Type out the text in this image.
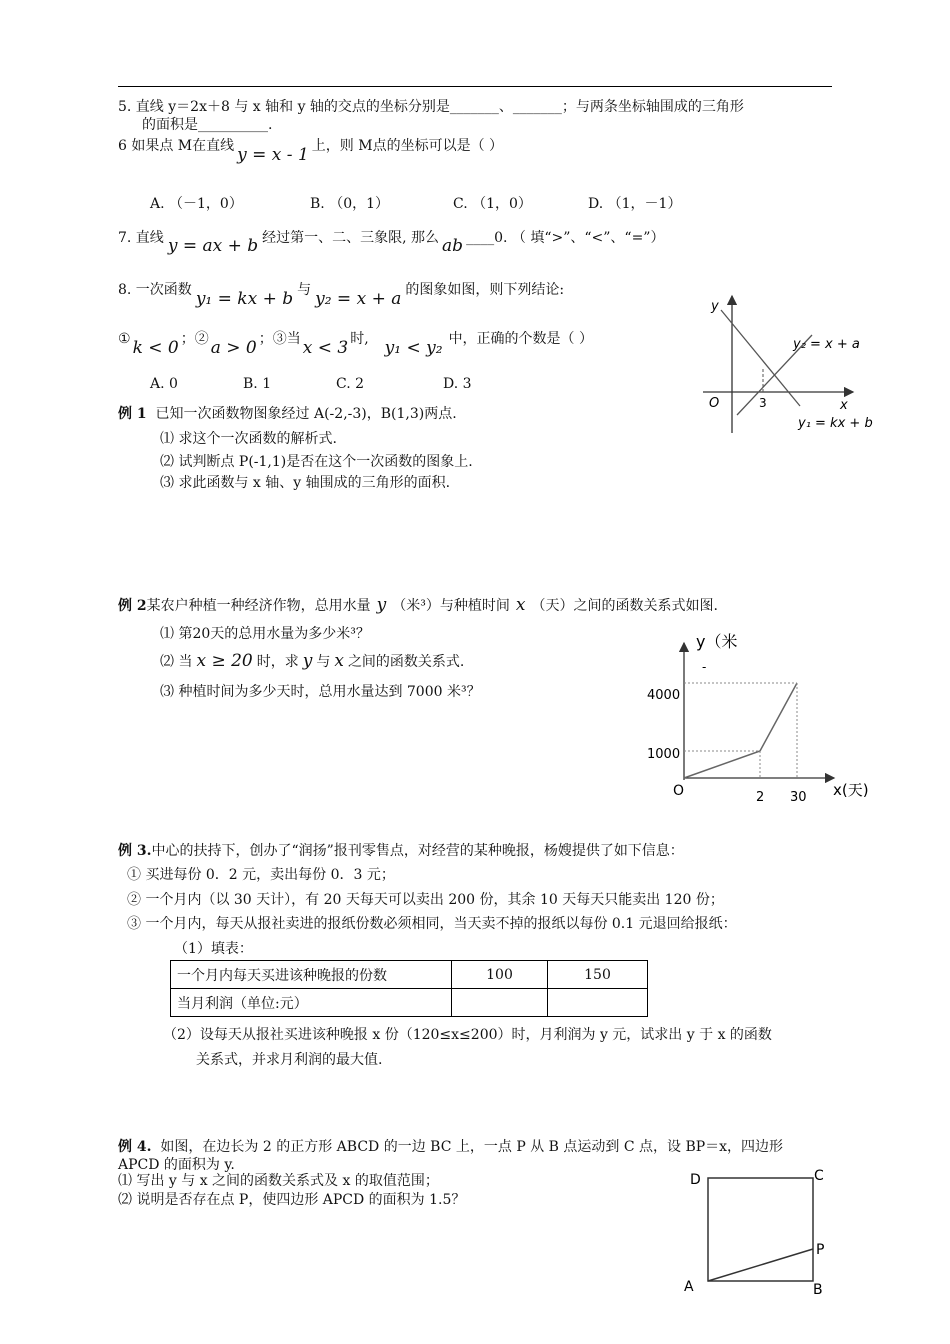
5. 直线 y＝2x＋8 与 x 轴和 y 轴的交点的坐标分别是_______、_______；与两条坐标轴围成的三角形
的面积是__________.
6 如果点 M在直线 y = x - 1 上，则 M点的坐标可以是（ ）
A. （－1，0）	B. （0，1）	C. （1，0）	D. （1，－1）
7. 直线 y = ax + b 经过第一、二、三象限, 那么 ab ____0. （ 填“>”、“<”、“=”）
8. 一次函数 y₁ = kx + b 与 y₂ = x + a 的图象如图，则下列结论:
① k < 0 ；② a > 0 ；③当 x < 3 时, y₁ < y₂ 中，正确的个数是（ ）
A. 0	B. 1	C. 2	D. 3
y
x
O	3
y₂ = x + a
y₁ = kx + b
例 1 已知一次函数物图象经过 A(-2,-3)，B(1,3)两点.
⑴ 求这个一次函数的解析式.
⑵ 试判断点 P(-1,1)是否在这个一次函数的图象上.
⑶ 求此函数与 x 轴、y 轴围成的三角形的面积.
例 2某农户种植一种经济作物，总用水量 y （米³）与种植时间 x （天）之间的函数关系式如图.
⑴ 第20天的总用水量为多少米³？
⑵ 当 x ≥ 20 时，求 y 与 x 之间的函数关系式.
⑶ 种植时间为多少天时，总用水量达到 7000 米³？
y（米
-
4000
1000
O	2 30 x(天)
例 3.中心的扶持下，创办了“润扬”报刊零售点，对经营的某种晚报，杨嫂提供了如下信息：
① 买进每份 0．2 元，卖出每份 0．3 元；
② 一个月内（以 30 天计），有 20 天每天可以卖出 200 份，其余 10 天每天只能卖出 120 份；
③ 一个月内，每天从报社卖进的报纸份数必须相同，当天卖不掉的报纸以每份 0.1 元退回给报纸：
（1）填表：
一个月内每天买进该种晚报的份数	100	150
当月利润（单位:元）		
（2）设每天从报社买进该种晚报 x 份（120≤x≤200）时，月利润为 y 元，试求出 y 于 x 的函数
关系式，并求月利润的最大值.
例 4. 如图，在边长为 2 的正方形 ABCD 的一边 BC 上，一点 P 从 B 点运动到 C 点，设 BP＝x，四边形
APCD 的面积为 y.
⑴ 写出 y 与 x 之间的函数关系式及 x 的取值范围；
⑵ 说明是否存在点 P，使四边形 APCD 的面积为 1.5？
D	C
P
A	B
